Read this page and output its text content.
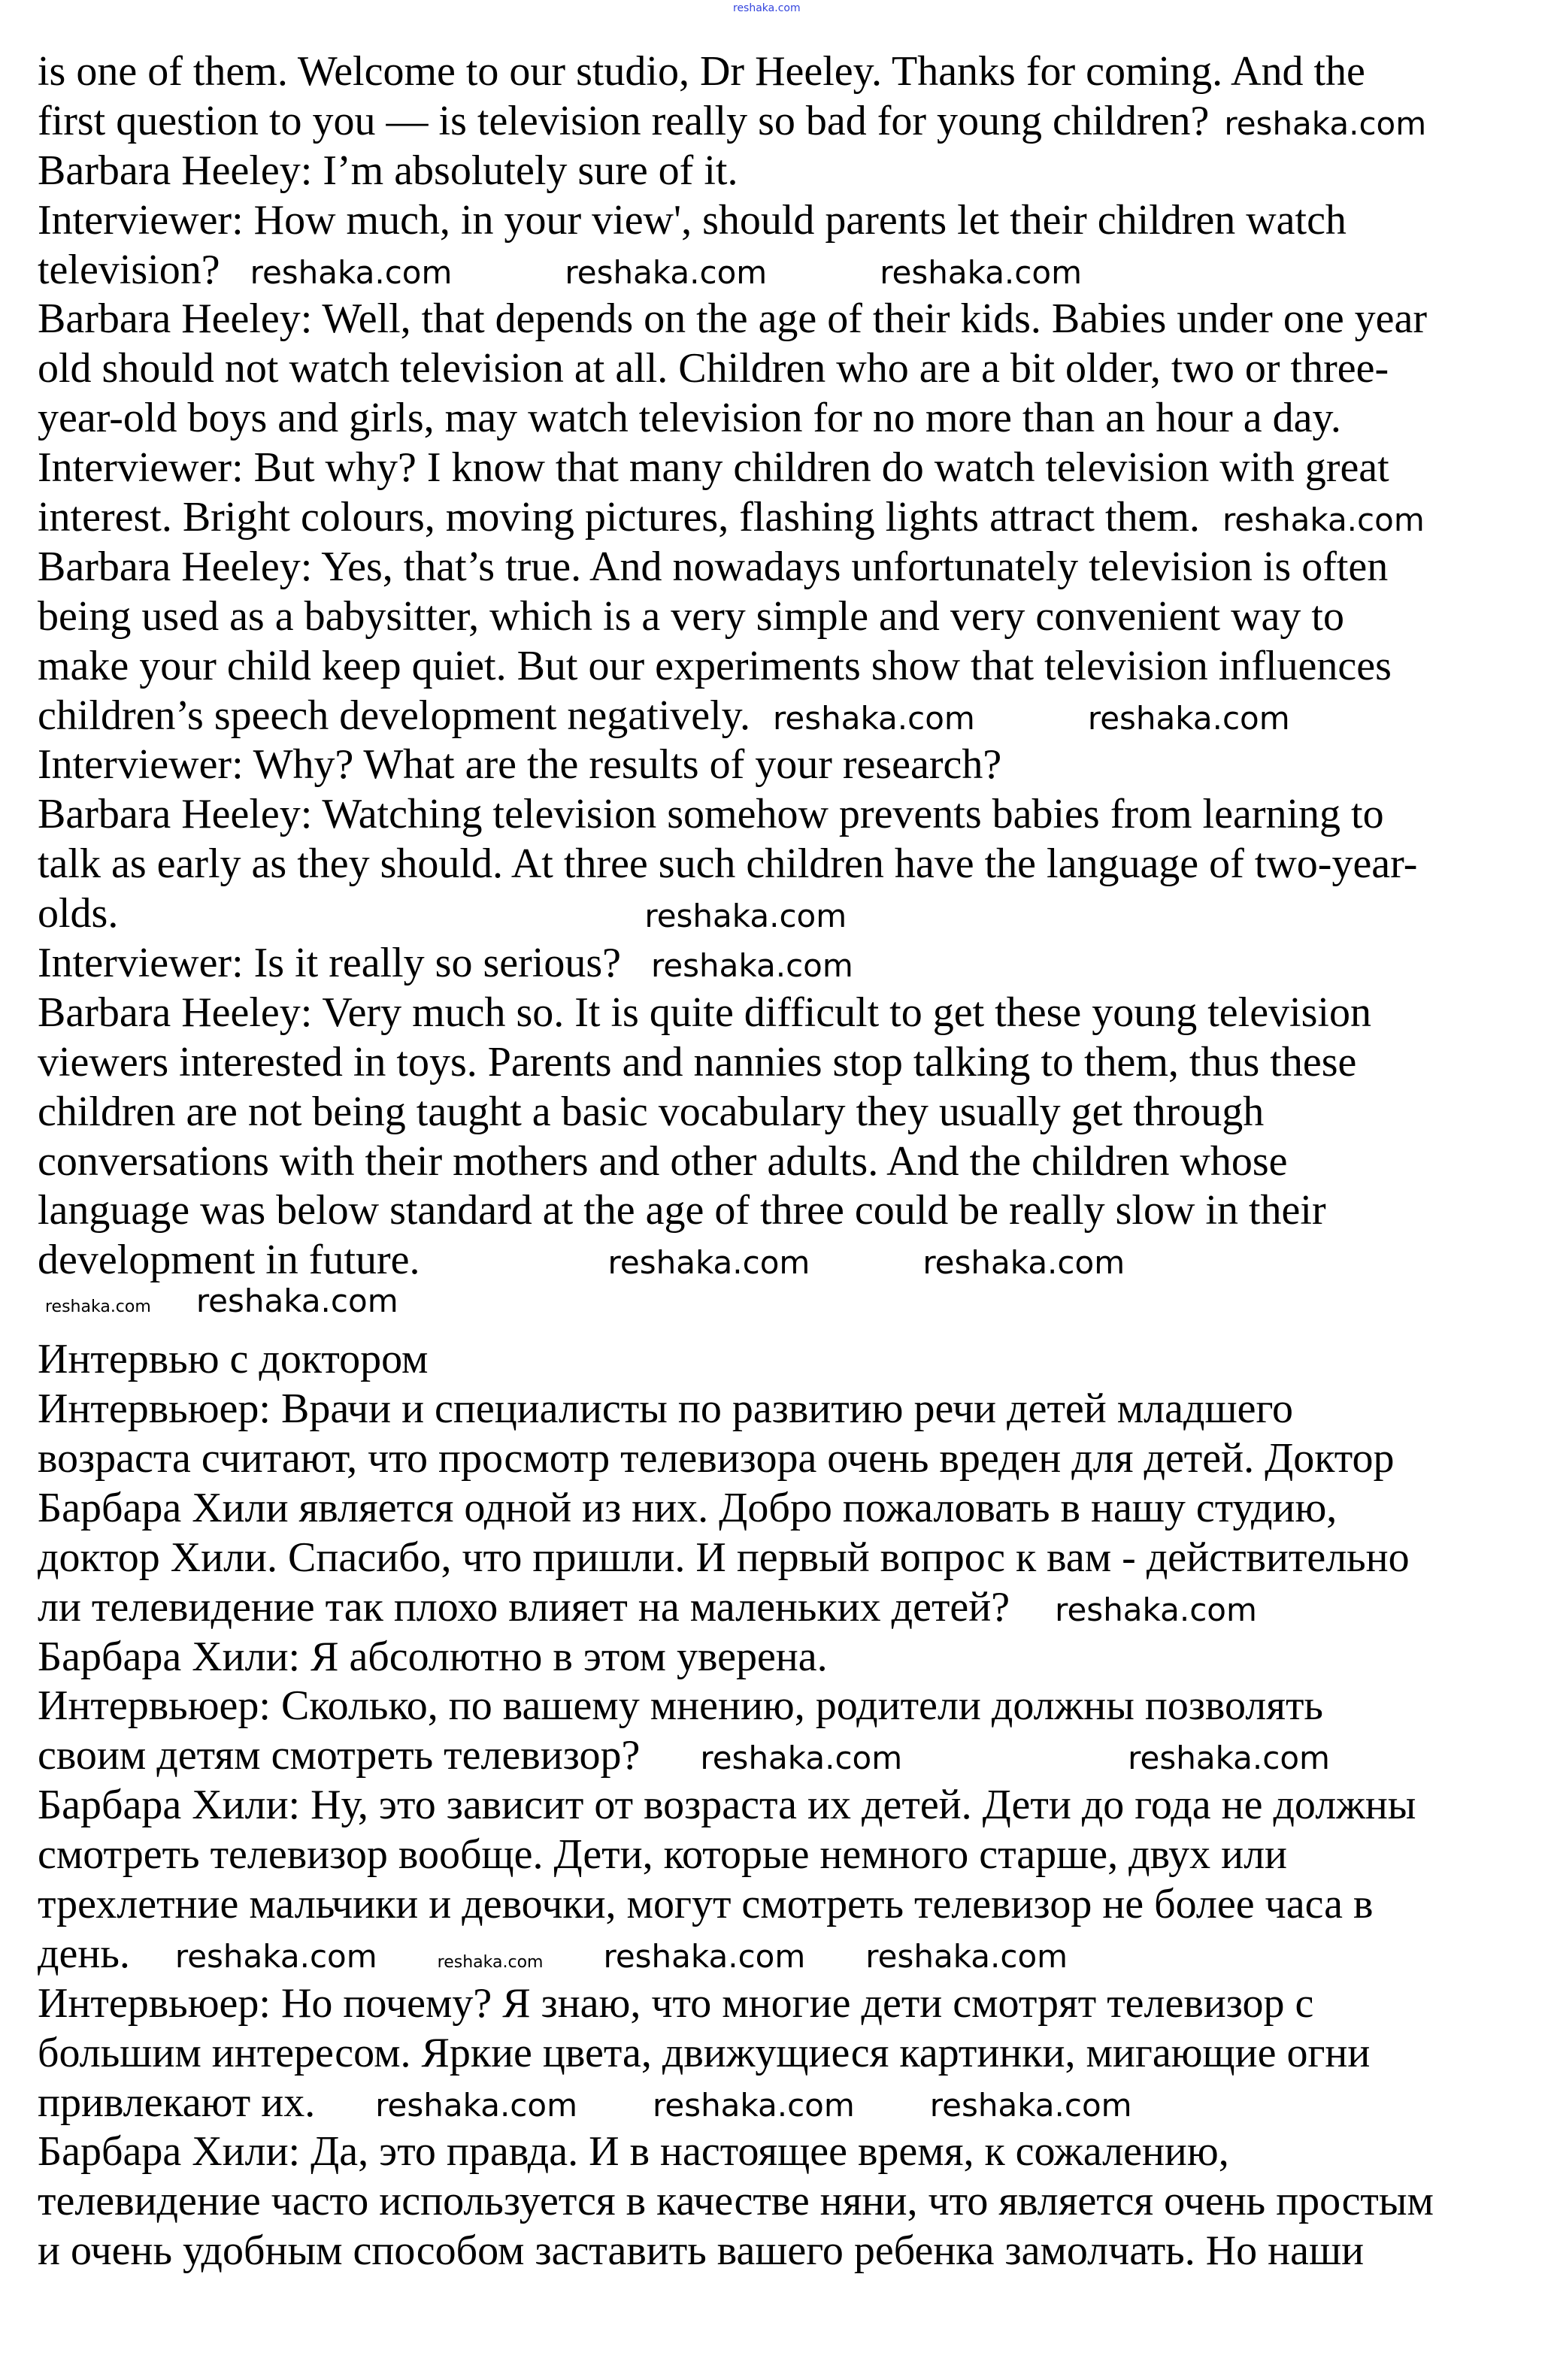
reshaka.com
is one of them. Welcome to our studio, Dr Heeley. Thanks for coming. And the
first question to you — is television really so bad for young children? reshaka.com
Barbara Heeley: I’m absolutely sure of it.
Interviewer: How much, in your view', should parents let their children watch
television? reshaka.com	reshaka.com	reshaka.com
Barbara Heeley: Well, that depends on the age of their kids. Babies under one year
old should not watch television at all. Children who are a bit older, two or three-
year-old boys and girls, may watch television for no more than an hour a day.
Interviewer: But why? I know that many children do watch television with great
interest. Bright colours, moving pictures, flashing lights attract them. reshaka.com
Barbara Heeley: Yes, that’s true. And nowadays unfortunately television is often
being used as a babysitter, which is a very simple and very convenient way to
make your child keep quiet. But our experiments show that television influences
children’s speech development negatively. reshaka.com	reshaka.com
Interviewer: Why? What are the results of your research?
Barbara Heeley: Watching television somehow prevents babies from learning to
talk as early as they should. At three such children have the language of two-year-
olds.	reshaka.com
Interviewer: Is it really so serious? reshaka.com
Barbara Heeley: Very much so. It is quite difficult to get these young television
viewers interested in toys. Parents and nannies stop talking to them, thus these
children are not being taught a basic vocabulary they usually get through
conversations with their mothers and other adults. And the children whose
language was below standard at the age of three could be really slow in their
development in future.	reshaka.com	reshaka.com
reshaka.com reshaka.com
Интервью с доктором
Интервьюер: Врачи и специалисты по развитию речи детей младшего
возраста считают, что просмотр телевизора очень вреден для детей. Доктор
Барбара Хили является одной из них. Добро пожаловать в нашу студию,
доктор Хили. Спасибо, что пришли. И первый вопрос к вам - действительно
ли телевидение так плохо влияет на маленьких детей? reshaka.com
Барбара Хили: Я абсолютно в этом уверена.
Интервьюер: Сколько, по вашему мнению, родители должны позволять
своим детям смотреть телевизор? reshaka.com	reshaka.com
Барбара Хили: Ну, это зависит от возраста их детей. Дети до года не должны
смотреть телевизор вообще. Дети, которые немного старше, двух или
трехлетние мальчики и девочки, могут смотреть телевизор не более часа в
день. reshaka.com	reshaka.com reshaka.com reshaka.com
Интервьюер: Но почему? Я знаю, что многие дети смотрят телевизор с
большим интересом. Яркие цвета, движущиеся картинки, мигающие огни
привлекают их. reshaka.com reshaka.com reshaka.com
Барбара Хили: Да, это правда. И в настоящее время, к сожалению,
телевидение часто используется в качестве няни, что является очень простым
и очень удобным способом заставить вашего ребенка замолчать. Но наши
